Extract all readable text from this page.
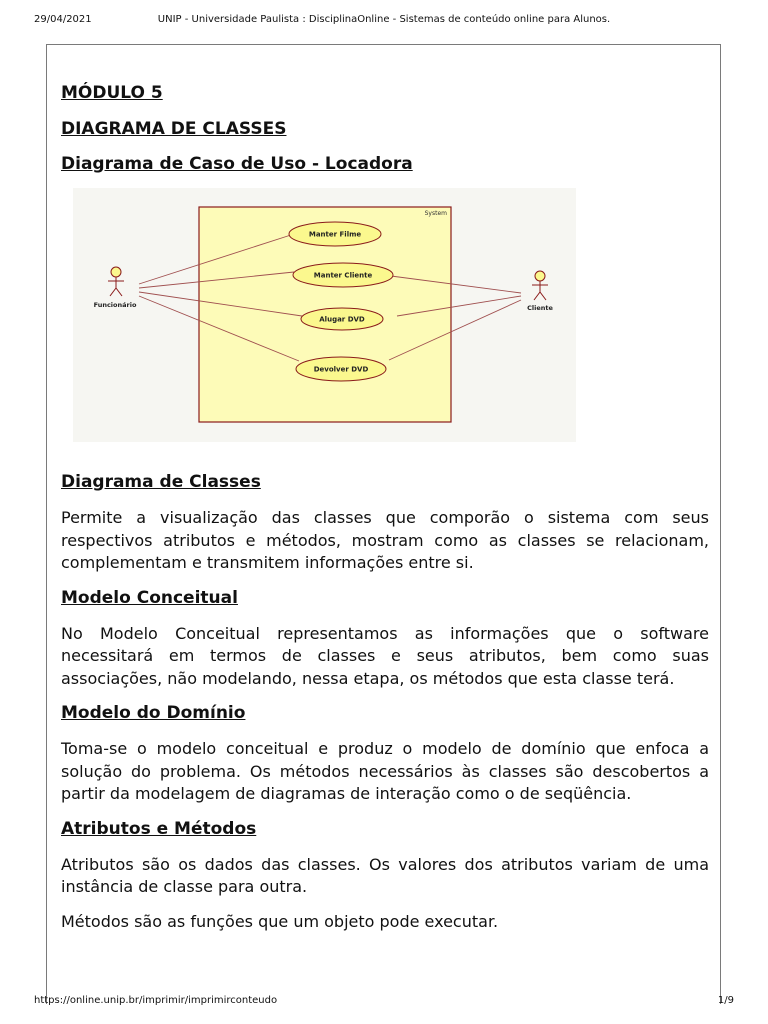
29/04/2021	UNIP - Universidade Paulista : DisciplinaOnline - Sistemas de conteúdo online para Alunos.

MÓDULO 5

DIAGRAMA DE CLASSES

Diagrama de Caso de Uso - Locadora

Diagrama de Classes

Permite a visualização das classes que comporão o sistema com seus respectivos atributos e métodos, mostram como as classes se relacionam, complementam e transmitem informações entre si.

Modelo Conceitual

No Modelo Conceitual representamos as informações que o software necessitará em termos de classes e seus atributos, bem como suas associações, não modelando, nessa etapa, os métodos que esta classe terá.

Modelo do Domínio

Toma-se o modelo conceitual e produz o modelo de domínio que enfoca a solução do problema. Os métodos necessários às classes são descobertos a partir da modelagem de diagramas de interação como o de seqüência.

Atributos e Métodos

Atributos são os dados das classes. Os valores dos atributos variam de uma instância de classe para outra.

Métodos são as funções que um objeto pode executar.

System
Manter Filme
Manter Cliente
Alugar DVD
Devolver DVD
Funcionário	Cliente
https://online.unip.br/imprimir/imprimirconteudo	1/9
